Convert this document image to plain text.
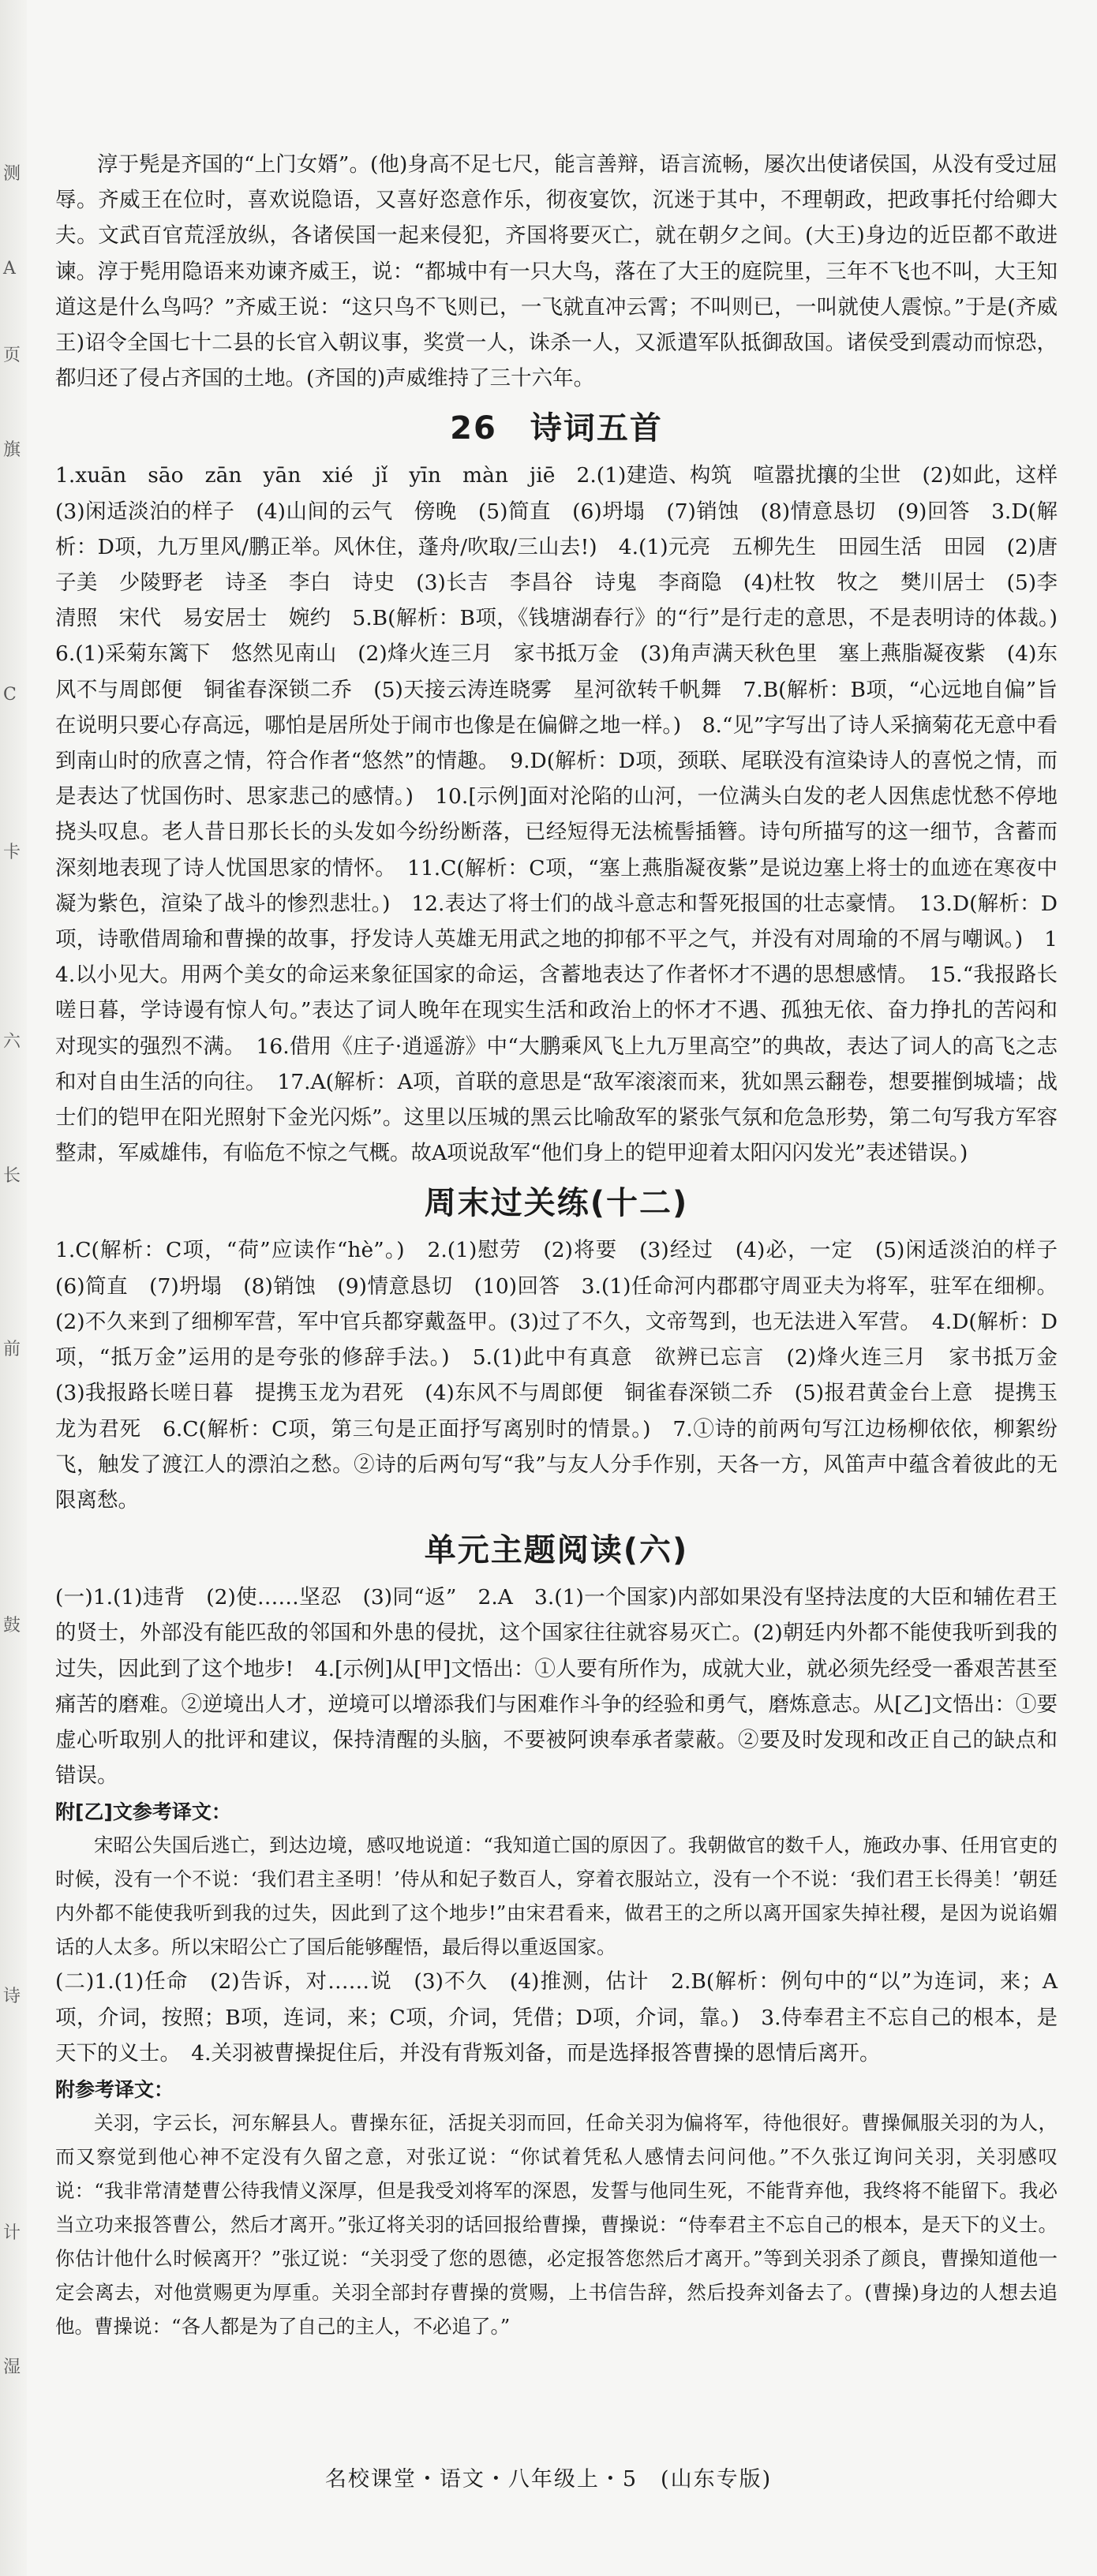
测
A
页
旗
C
卡
六
长
前
鼓
诗
计
湿

淳于髡是齐国的“上门女婿”。(他)身高不足七尺，能言善辩，语言流畅，屡次出使诸侯国，从没有受过屈辱。齐威王在位时，喜欢说隐语，又喜好恣意作乐，彻夜宴饮，沉迷于其中，不理朝政，把政事托付给卿大夫。文武百官荒淫放纵，各诸侯国一起来侵犯，齐国将要灭亡，就在朝夕之间。(大王)身边的近臣都不敢进谏。淳于髡用隐语来劝谏齐威王，说：“都城中有一只大鸟，落在了大王的庭院里，三年不飞也不叫，大王知道这是什么鸟吗？”齐威王说：“这只鸟不飞则已，一飞就直冲云霄；不叫则已，一叫就使人震惊。”于是(齐威王)诏令全国七十二县的长官入朝议事，奖赏一人，诛杀一人，又派遣军队抵御敌国。诸侯受到震动而惊恐，都归还了侵占齐国的土地。(齐国的)声威维持了三十六年。

26　诗词五首

1.xuān　sāo　zān　yān　xié　jǐ　yīn　màn　jiē　2.(1)建造、构筑　喧嚣扰攘的尘世　(2)如此，这样　(3)闲适淡泊的样子　(4)山间的云气　傍晚　(5)简直　(6)坍塌　(7)销蚀　(8)情意恳切　(9)回答　3.D(解析：D项，九万里风/鹏正举。风休住，蓬舟/吹取/三山去!)　4.(1)元亮　五柳先生　田园生活　田园　(2)唐　子美　少陵野老　诗圣　李白　诗史　(3)长吉　李昌谷　诗鬼　李商隐　(4)杜牧　牧之　樊川居士　(5)李清照　宋代　易安居士　婉约　5.B(解析：B项，《钱塘湖春行》的“行”是行走的意思，不是表明诗的体裁。)　6.(1)采菊东篱下　悠然见南山　(2)烽火连三月　家书抵万金　(3)角声满天秋色里　塞上燕脂凝夜紫　(4)东风不与周郎便　铜雀春深锁二乔　(5)天接云涛连晓雾　星河欲转千帆舞　7.B(解析：B项，“心远地自偏”旨在说明只要心存高远，哪怕是居所处于闹市也像是在偏僻之地一样。)　8.“见”字写出了诗人采摘菊花无意中看到南山时的欣喜之情，符合作者“悠然”的情趣。　9.D(解析：D项，颈联、尾联没有渲染诗人的喜悦之情，而是表达了忧国伤时、思家悲己的感情。)　10.[示例]面对沦陷的山河，一位满头白发的老人因焦虑忧愁不停地挠头叹息。老人昔日那长长的头发如今纷纷断落，已经短得无法梳髻插簪。诗句所描写的这一细节，含蓄而深刻地表现了诗人忧国思家的情怀。　11.C(解析：C项，“塞上燕脂凝夜紫”是说边塞上将士的血迹在寒夜中凝为紫色，渲染了战斗的惨烈悲壮。)　12.表达了将士们的战斗意志和誓死报国的壮志豪情。　13.D(解析：D项，诗歌借周瑜和曹操的故事，抒发诗人英雄无用武之地的抑郁不平之气，并没有对周瑜的不屑与嘲讽。)　14.以小见大。用两个美女的命运来象征国家的命运，含蓄地表达了作者怀才不遇的思想感情。　15.“我报路长嗟日暮，学诗谩有惊人句。”表达了词人晚年在现实生活和政治上的怀才不遇、孤独无依、奋力挣扎的苦闷和对现实的强烈不满。　16.借用《庄子·逍遥游》中“大鹏乘风飞上九万里高空”的典故，表达了词人的高飞之志和对自由生活的向往。　17.A(解析：A项，首联的意思是“敌军滚滚而来，犹如黑云翻卷，想要摧倒城墙；战士们的铠甲在阳光照射下金光闪烁”。这里以压城的黑云比喻敌军的紧张气氛和危急形势，第二句写我方军容整肃，军威雄伟，有临危不惊之气概。故A项说敌军“他们身上的铠甲迎着太阳闪闪发光”表述错误。)

周末过关练(十二)

1.C(解析：C项，“荷”应读作“hè”。)　2.(1)慰劳　(2)将要　(3)经过　(4)必，一定　(5)闲适淡泊的样子　(6)简直　(7)坍塌　(8)销蚀　(9)情意恳切　(10)回答　3.(1)任命河内郡郡守周亚夫为将军，驻军在细柳。(2)不久来到了细柳军营，军中官兵都穿戴盔甲。(3)过了不久，文帝驾到，也无法进入军营。　4.D(解析：D项，“抵万金”运用的是夸张的修辞手法。)　5.(1)此中有真意　欲辨已忘言　(2)烽火连三月　家书抵万金　(3)我报路长嗟日暮　提携玉龙为君死　(4)东风不与周郎便　铜雀春深锁二乔　(5)报君黄金台上意　提携玉龙为君死　6.C(解析：C项，第三句是正面抒写离别时的情景。)　7.①诗的前两句写江边杨柳依依，柳絮纷飞，触发了渡江人的漂泊之愁。②诗的后两句写“我”与友人分手作别，天各一方，风笛声中蕴含着彼此的无限离愁。

单元主题阅读(六)

(一)1.(1)违背　(2)使……坚忍　(3)同“返”　2.A　3.(1)一个国家)内部如果没有坚持法度的大臣和辅佐君王的贤士，外部没有能匹敌的邻国和外患的侵扰，这个国家往往就容易灭亡。(2)朝廷内外都不能使我听到我的过失，因此到了这个地步!　4.[示例]从[甲]文悟出：①人要有所作为，成就大业，就必须先经受一番艰苦甚至痛苦的磨难。②逆境出人才，逆境可以增添我们与困难作斗争的经验和勇气，磨炼意志。从[乙]文悟出：①要虚心听取别人的批评和建议，保持清醒的头脑，不要被阿谀奉承者蒙蔽。②要及时发现和改正自己的缺点和错误。

附[乙]文参考译文：

宋昭公失国后逃亡，到达边境，感叹地说道：“我知道亡国的原因了。我朝做官的数千人，施政办事、任用官吏的时候，没有一个不说：‘我们君主圣明！’侍从和妃子数百人，穿着衣服站立，没有一个不说：‘我们君王长得美！’朝廷内外都不能使我听到我的过失，因此到了这个地步!”由宋君看来，做君王的之所以离开国家失掉社稷，是因为说谄媚话的人太多。所以宋昭公亡了国后能够醒悟，最后得以重返国家。

(二)1.(1)任命　(2)告诉，对……说　(3)不久　(4)推测，估计　2.B(解析：例句中的“以”为连词，来；A项，介词，按照；B项，连词，来；C项，介词，凭借；D项，介词，靠。)　3.侍奉君主不忘自己的根本，是天下的义士。　4.关羽被曹操捉住后，并没有背叛刘备，而是选择报答曹操的恩情后离开。

附参考译文：

关羽，字云长，河东解县人。曹操东征，活捉关羽而回，任命关羽为偏将军，待他很好。曹操佩服关羽的为人，而又察觉到他心神不定没有久留之意，对张辽说：“你试着凭私人感情去问问他。”不久张辽询问关羽，关羽感叹说：“我非常清楚曹公待我情义深厚，但是我受刘将军的深恩，发誓与他同生死，不能背弃他，我终将不能留下。我必当立功来报答曹公，然后才离开。”张辽将关羽的话回报给曹操，曹操说：“侍奉君主不忘自己的根本，是天下的义士。你估计他什么时候离开？”张辽说：“关羽受了您的恩德，必定报答您然后才离开。”等到关羽杀了颜良，曹操知道他一定会离去，对他赏赐更为厚重。关羽全部封存曹操的赏赐，上书信告辞，然后投奔刘备去了。(曹操)身边的人想去追他。曹操说：“各人都是为了自己的主人，不必追了。”

名校课堂・语文・八年级上・5　(山东专版)
